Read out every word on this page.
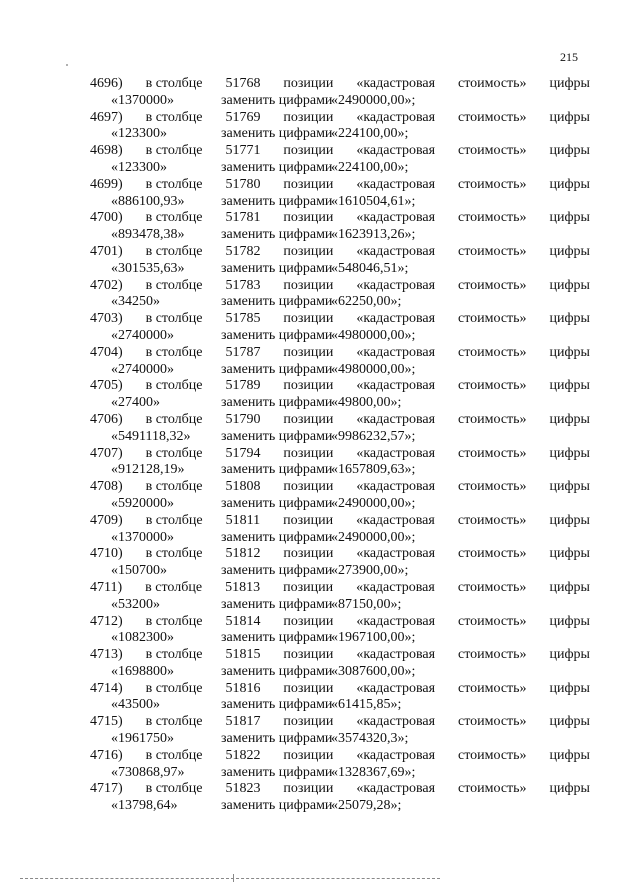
215
4696) в столбце 51768 позиции «кадастровая стоимость» цифры
«1370000»	заменить цифрами
«2490000,00»;
4697) в столбце 51769 позиции «кадастровая стоимость» цифры
«123300»	заменить цифрами
«224100,00»;
4698) в столбце 51771 позиции «кадастровая стоимость» цифры
«123300»	заменить цифрами
«224100,00»;
4699) в столбце 51780 позиции «кадастровая стоимость» цифры
«886100,93»	заменить цифрами
«1610504,61»;
4700) в столбце 51781 позиции «кадастровая стоимость» цифры
«893478,38»	заменить цифрами
«1623913,26»;
4701) в столбце 51782 позиции «кадастровая стоимость» цифры
«301535,63»	заменить цифрами
«548046,51»;
4702) в столбце 51783 позиции «кадастровая стоимость» цифры
«34250»	заменить цифрами
«62250,00»;
4703) в столбце 51785 позиции «кадастровая стоимость» цифры
«2740000»	заменить цифрами
«4980000,00»;
4704) в столбце 51787 позиции «кадастровая стоимость» цифры
«2740000»	заменить цифрами
«4980000,00»;
4705) в столбце 51789 позиции «кадастровая стоимость» цифры
«27400»	заменить цифрами
«49800,00»;
4706) в столбце 51790 позиции «кадастровая стоимость» цифры
«5491118,32»	заменить цифрами
«9986232,57»;
4707) в столбце 51794 позиции «кадастровая стоимость» цифры
«912128,19»	заменить цифрами
«1657809,63»;
4708) в столбце 51808 позиции «кадастровая стоимость» цифры
«5920000»	заменить цифрами
«2490000,00»;
4709) в столбце 51811 позиции «кадастровая стоимость» цифры
«1370000»	заменить цифрами
«2490000,00»;
4710) в столбце 51812 позиции «кадастровая стоимость» цифры
«150700»	заменить цифрами
«273900,00»;
4711) в столбце 51813 позиции «кадастровая стоимость» цифры
«53200»	заменить цифрами
«87150,00»;
4712) в столбце 51814 позиции «кадастровая стоимость» цифры
«1082300»	заменить цифрами
«1967100,00»;
4713) в столбце 51815 позиции «кадастровая стоимость» цифры
«1698800»	заменить цифрами
«3087600,00»;
4714) в столбце 51816 позиции «кадастровая стоимость» цифры
«43500»	заменить цифрами
«61415,85»;
4715) в столбце 51817 позиции «кадастровая стоимость» цифры
«1961750»	заменить цифрами
«3574320,3»;
4716) в столбце 51822 позиции «кадастровая стоимость» цифры
«730868,97»	заменить цифрами
«1328367,69»;
4717) в столбце 51823 позиции «кадастровая стоимость» цифры
«13798,64»	заменить цифрами
«25079,28»;
